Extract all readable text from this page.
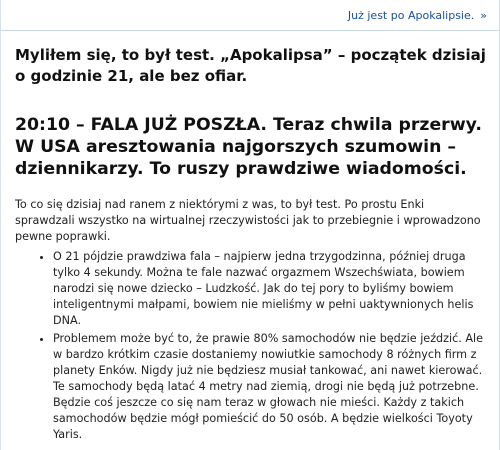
Już jest po Apokalipsie. »
Myliłem się, to był test. „Apokalipsa” – początek dzisiaj o godzinie 21, ale bez ofiar.
20:10 – FALA JUŻ POSZŁA. Teraz chwila przerwy. W USA aresztowania najgorszych szumowin – dziennikarzy. To ruszy prawdziwe wiadomości.

To co się dzisiaj nad ranem z niektórymi z was, to był test. Po prostu Enki sprawdzali wszystko na wirtualnej rzeczywistości jak to przebiegnie i wprowadzono pewne poprawki.

• O 21 pójdzie prawdziwa fala – najpierw jedna trzygodzinna, później druga tylko 4 sekundy. Można te fale nazwać orgazmem Wszechświata, bowiem narodzi się nowe dziecko – Ludzkość. Jak do tej pory to byliśmy bowiem inteligentnymi małpami, bowiem nie mieliśmy w pełni uaktywnionych helis DNA.
• Problemem może być to, że prawie 80% samochodów nie będzie jeździć. Ale w bardzo krótkim czasie dostaniemy nowiutkie samochody 8 różnych firm z planety Enków. Nigdy już nie będziesz musiał tankować, ani nawet kierować. Te samochody będą latać 4 metry nad ziemią, drogi nie będą już potrzebne. Będzie coś jeszcze co się nam teraz w głowach nie mieści. Każdy z takich samochodów będzie mógł pomieścić do 50 osób. A będzie wielkości Toyoty Yaris.
